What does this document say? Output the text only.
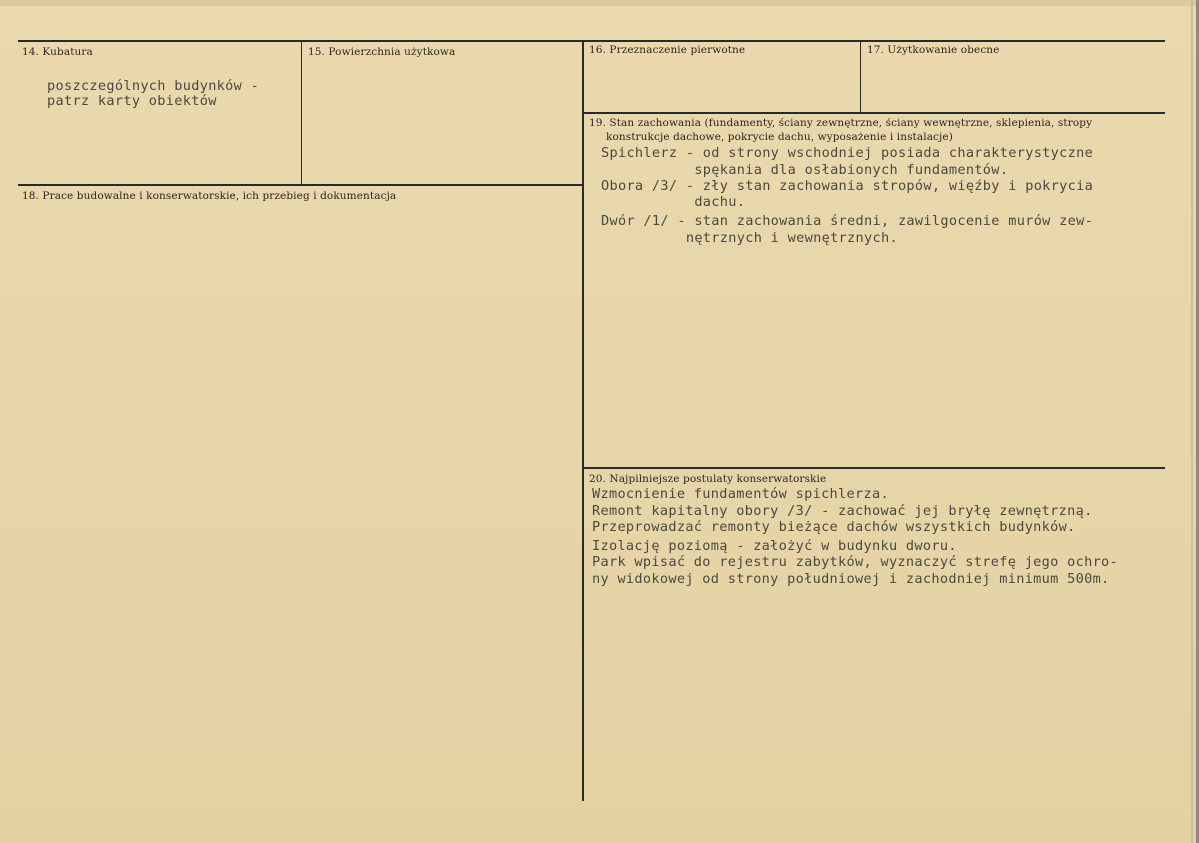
14. Kubatura
poszczególnych budynków -
patrz karty obiektów
15. Powierzchnia użytkowa	16. Przeznaczenie pierwotne	17. Użytkowanie obecne
18. Prace budowalne i konserwatorskie, ich przebieg i dokumentacja
19. Stan zachowania (fundamenty, ściany zewnętrzne, ściany wewnętrzne, sklepienia, stropy
konstrukcje dachowe, pokrycie dachu, wyposażenie i instalacje)
Spichlerz - od strony wschodniej posiada charakterystyczne
spękania dla osłabionych fundamentów.
Obora /3/ - zły stan zachowania stropów, więźby i pokrycia
dachu.
Dwór /1/ - stan zachowania średni, zawilgocenie murów zew-
nętrznych i wewnętrznych.
20. Najpilniejsze postulaty konserwatorskie
Wzmocnienie fundamentów spichlerza.
Remont kapitalny obory /3/ - zachować jej bryłę zewnętrzną.
Przeprowadzać remonty bieżące dachów wszystkich budynków.
Izolację poziomą - założyć w budynku dworu.
Park wpisać do rejestru zabytków, wyznaczyć strefę jego ochro-
ny widokowej od strony południowej i zachodniej minimum 500m.
